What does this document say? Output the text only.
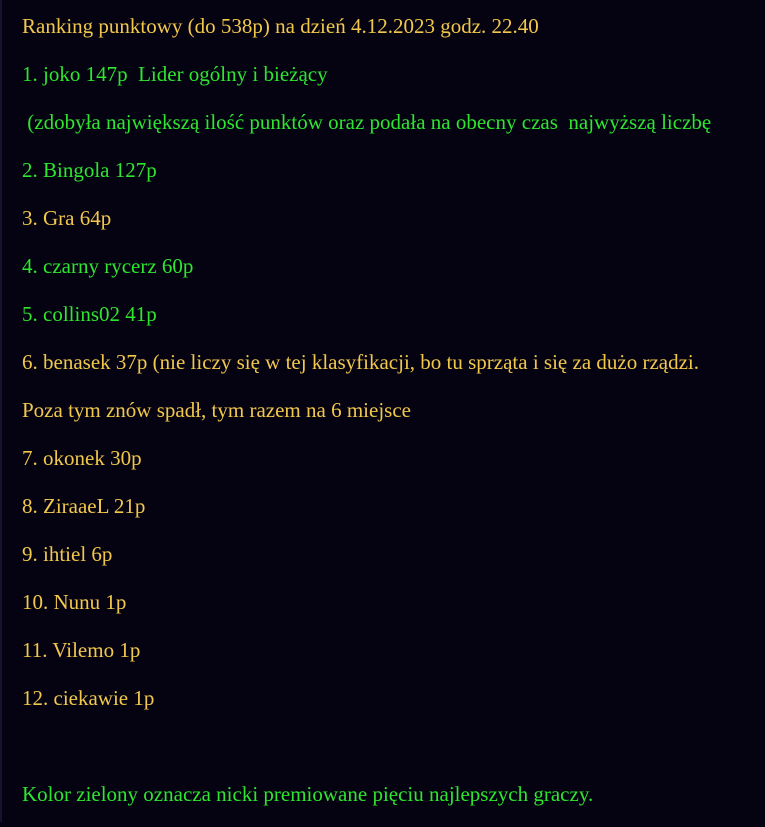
Ranking punktowy (do 538p) na dzień 4.12.2023 godz. 22.40

1. joko 147p  Lider ogólny i bieżący

(zdobyła największą ilość punktów oraz podała na obecny czas  najwyższą liczbę

2. Bingola 127p

3. Gra 64p

4. czarny rycerz 60p

5. collins02 41p

6. benasek 37p (nie liczy się w tej klasyfikacji, bo tu sprząta i się za dużo rządzi.

Poza tym znów spadł, tym razem na 6 miejsce

7. okonek 30p

8. ZiraaeL 21p

9. ihtiel 6p

10. Nunu 1p

11. Vilemo 1p

12. ciekawie 1p

Kolor zielony oznacza nicki premiowane pięciu najlepszych graczy.
